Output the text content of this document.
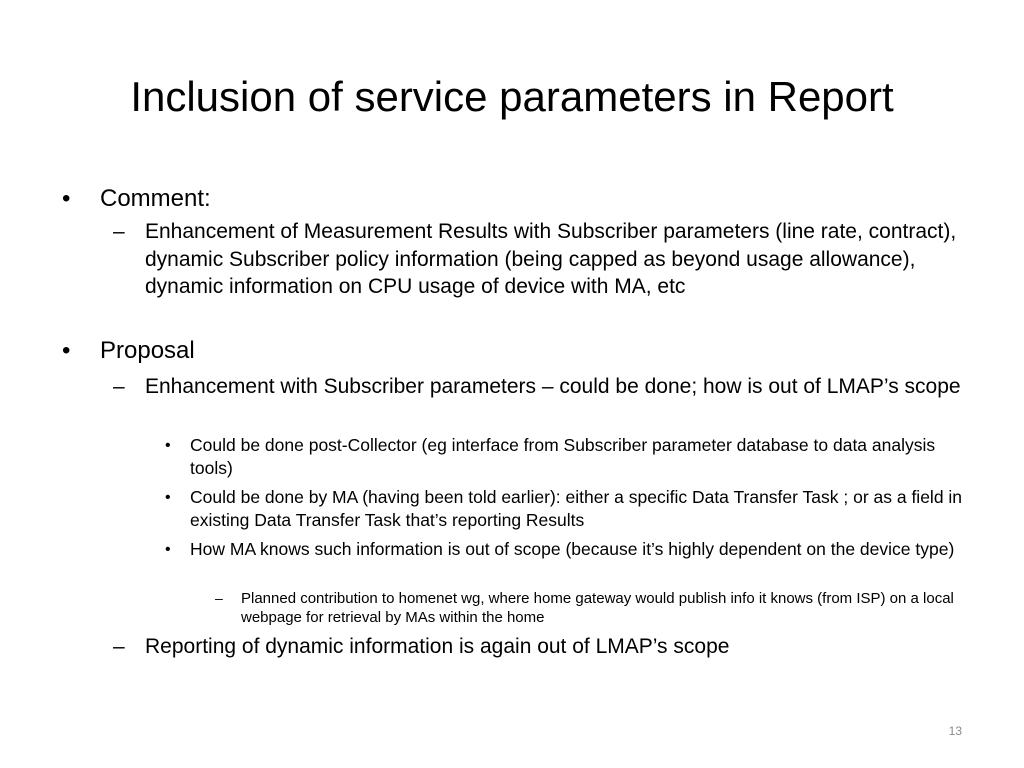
Inclusion of service parameters in Report
• Comment:
– Enhancement of Measurement Results with Subscriber parameters (line rate, contract), dynamic Subscriber policy information (being capped as beyond usage allowance), dynamic information on CPU usage of device with MA, etc
• Proposal
– Enhancement with Subscriber parameters – could be done; how is out of LMAP’s scope
• Could be done post-Collector (eg interface from Subscriber parameter database to data analysis tools)
• Could be done by MA (having been told earlier): either a specific Data Transfer Task ; or as a field in existing Data Transfer Task that’s reporting Results
• How MA knows such information is out of scope (because it’s highly dependent on the device type)
– Planned contribution to homenet wg, where home gateway would publish info it knows (from ISP) on a local webpage for retrieval by MAs within the home
– Reporting of dynamic information is again out of LMAP’s scope
13
